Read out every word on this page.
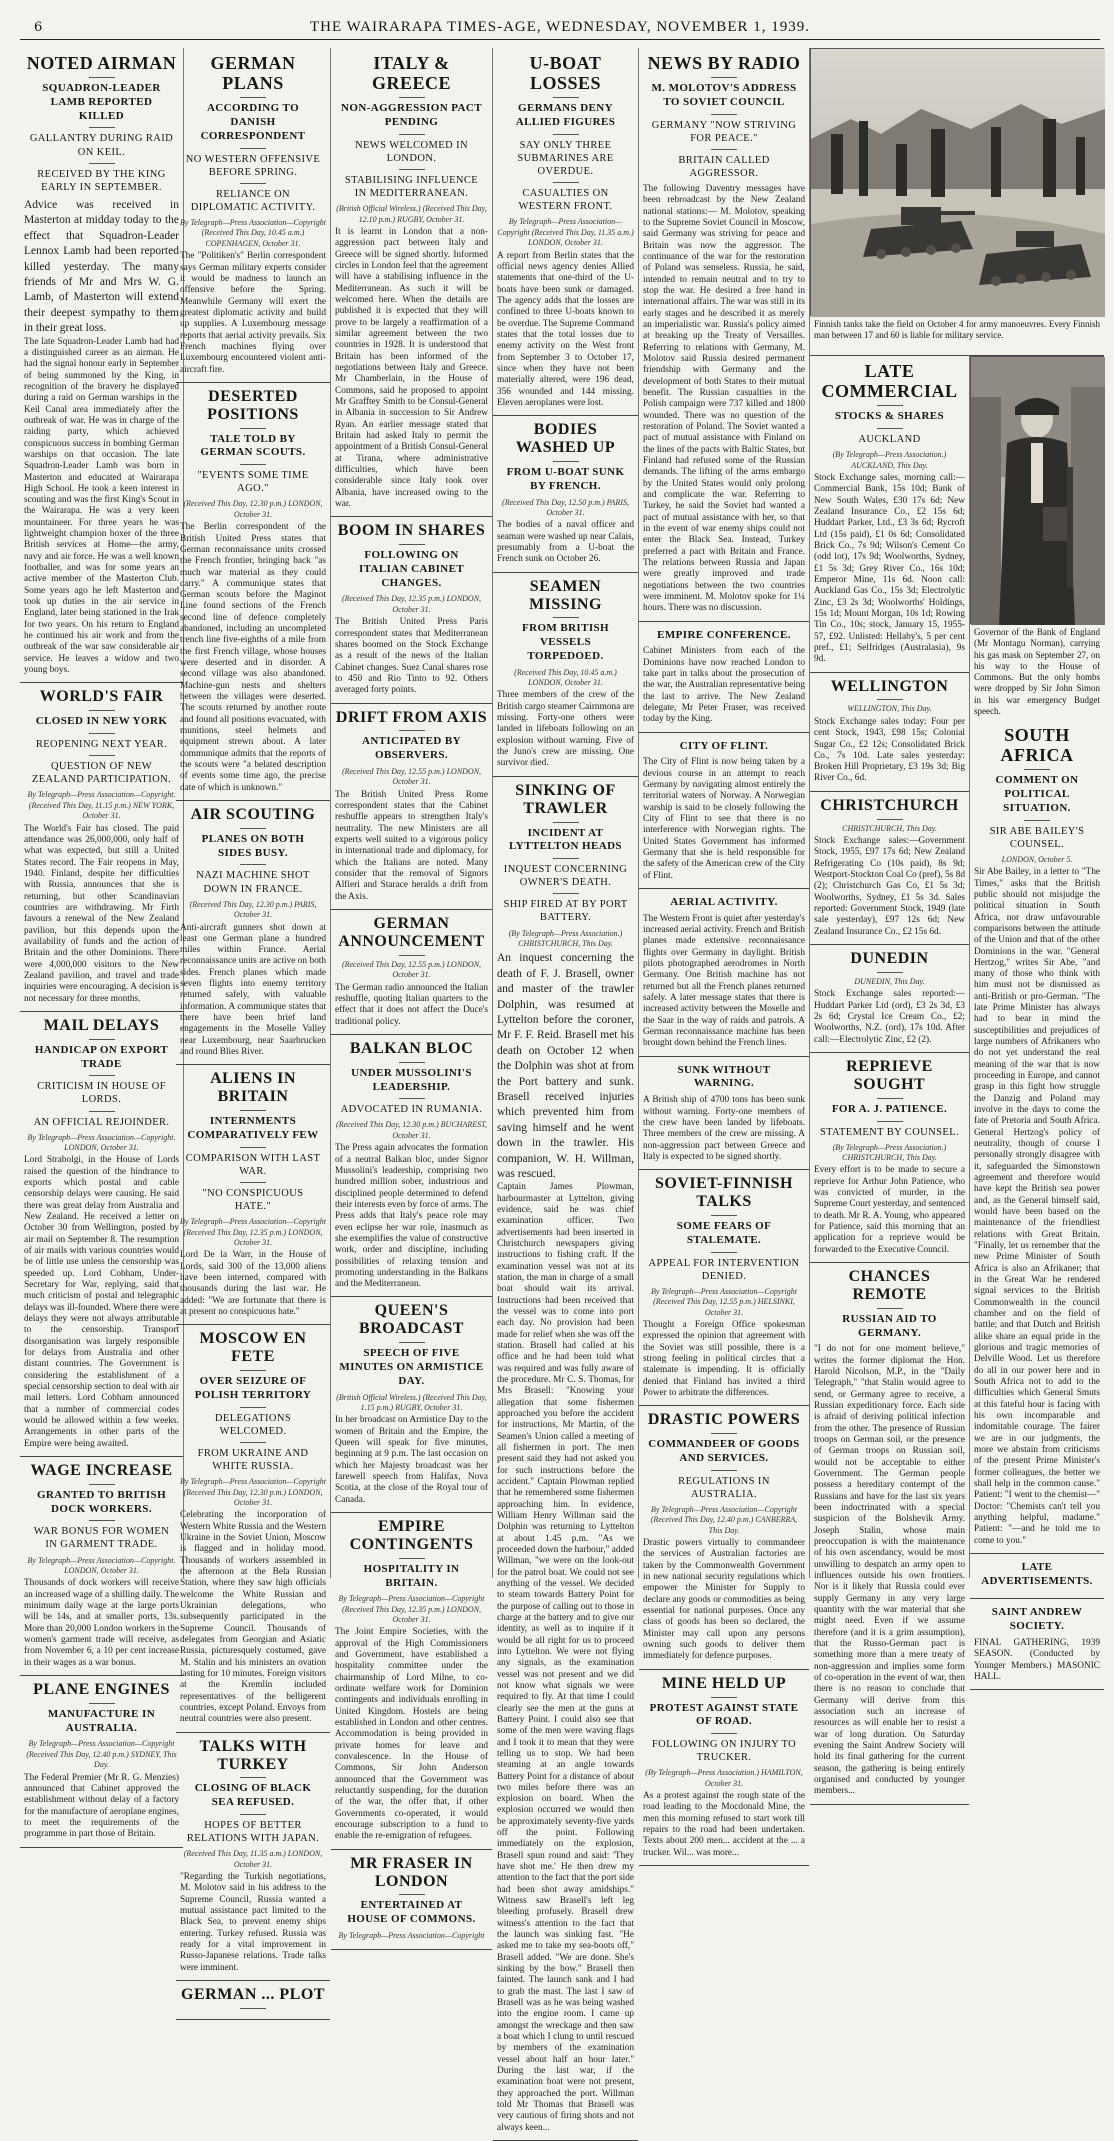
6	THE WAIRARAPA TIMES-AGE, WEDNESDAY, NOVEMBER 1, 1939.
NOTED AIRMAN
SQUADRON-LEADER LAMB REPORTED KILLED
GALLANTRY DURING RAID ON KEIL.
RECEIVED BY THE KING EARLY IN SEPTEMBER.
Advice was received in Masterton at midday today to the effect that Squadron-Leader Lennox Lamb had been reported killed yesterday. The many friends of Mr and Mrs W. G. Lamb, of Masterton will extend their deepest sympathy to them in their great loss.
The late Squadron-Leader Lamb had had a distinguished career as an airman. He had the signal honour early in September of being summoned by the King, in recognition of the bravery he displayed during a raid on German warships in the Keil Canal area immediately after the outbreak of war. He was in charge of the raiding party, which achieved conspicuous success in bombing German warships on that occasion. The late Squadron-Leader Lamb was born in Masterton and educated at Wairarapa High School. He took a keen interest in scouting and was the first King's Scout in the Wairarapa. He was a very keen mountaineer. For three years he was lightweight champion boxer of the three British services at Home—the army, navy and air force. He was a well known footballer, and was for some years an active member of the Masterton Club. Some years ago he left Masterton and took up duties in the air service in England, later being stationed in the Irak for two years. On his return to England he continued his air work and from the outbreak of the war saw considerable air service. He leaves a widow and two young boys.
WORLD'S FAIR
CLOSED IN NEW YORK
REOPENING NEXT YEAR.
QUESTION OF NEW ZEALAND PARTICIPATION.
By Telegraph—Press Association—Copyright. (Received This Day, 11.15 p.m.) NEW YORK, October 31.
The World's Fair has closed. The paid attendance was 26,000,000, only half of what was expected, but still a United States record. The Fair reopens in May, 1940. Finland, despite her difficulties with Russia, announces that she is returning, but other Scandinavian countries are withdrawing. Mr Firth favours a renewal of the New Zealand pavilion, but this depends upon the availability of funds and the action of Britain and the other Dominions. There were 4,000,000 visitors to the New Zealand pavilion, and travel and trade inquiries were encouraging. A decision is not necessary for three months.
MAIL DELAYS
HANDICAP ON EXPORT TRADE
CRITICISM IN HOUSE OF LORDS.
AN OFFICIAL REJOINDER.
By Telegraph—Press Association—Copyright. LONDON, October 31.
Lord Strabolgi, in the House of Lords raised the question of the hindrance to exports which postal and cable censorship delays were causing. He said there was great delay from Australia and New Zealand. He received a letter on October 30 from Wellington, posted by air mail on September 8. The resumption of air mails with various countries would be of little use unless the censorship was speeded up. Lord Cobham, Under-Secretary for War, replying, said that much criticism of postal and telegraphic delays was ill-founded. Where there were delays they were not always attributable to the censorship. Transport disorganisation was largely responsible for delays from Australia and other distant countries. The Government is considering the establishment of a special censorship section to deal with air mail letters. Lord Cobham announced that a number of commercial codes would be allowed within a few weeks. Arrangements in other parts of the Empire were being awaited.
WAGE INCREASE
GRANTED TO BRITISH DOCK WORKERS.
WAR BONUS FOR WOMEN IN GARMENT TRADE.
By Telegraph—Press Association—Copyright. LONDON, October 31.
Thousands of dock workers will receive an increased wage of a shilling daily. The minimum daily wage at the large ports will be 14s, and at smaller ports, 13s. More than 20,000 London workers in the women's garment trade will receive, as from November 6, a 10 per cent increase in their wages as a war bonus.
PLANE ENGINES
MANUFACTURE IN AUSTRALIA.
By Telegraph—Press Association—Copyright (Received This Day, 12.40 p.m.) SYDNEY, This Day.
The Federal Premier (Mr R. G. Menzies) announced that Cabinet approved the establishment without delay of a factory for the manufacture of aeroplane engines, to meet the requirements of the programme in part those of Britain.
GERMAN PLANS
ACCORDING TO DANISH CORRESPONDENT
NO WESTERN OFFENSIVE BEFORE SPRING.
RELIANCE ON DIPLOMATIC ACTIVITY.
By Telegraph—Press Association—Copyright (Received This Day, 10.45 a.m.) COPENHAGEN, October 31.
The "Politiken's" Berlin correspondent says German military experts consider it would be madness to launch an offensive before the Spring. Meanwhile Germany will exert the greatest diplomatic activity and build up supplies. A Luxembourg message reports that aerial activity prevails. Six French machines flying over Luxembourg encountered violent anti-aircraft fire.
DESERTED POSITIONS
TALE TOLD BY GERMAN SCOUTS.
"EVENTS SOME TIME AGO."
(Received This Day, 12.30 p.m.) LONDON, October 31.
The Berlin correspondent of the British United Press states that German reconnaissance units crossed the French frontier, bringing back "as much war material as they could carry." A communique states that German scouts before the Maginot Line found sections of the French second line of defence completely abandoned, including an uncompleted trench line five-eighths of a mile from the first French village, whose houses were deserted and in disorder. A second village was also abandoned. Machine-gun nests and shelters between the villages were deserted. The scouts returned by another route and found all positions evacuated, with munitions, steel helmets and equipment strewn about. A later communique admits that the reports of the scouts were "a belated description of events some time ago, the precise date of which is unknown."
AIR SCOUTING
PLANES ON BOTH SIDES BUSY.
NAZI MACHINE SHOT DOWN IN FRANCE.
(Received This Day, 12.30 p.m.) PARIS, October 31.
Anti-aircraft gunners shot down at least one German plane a hundred miles within France. Aerial reconnaissance units are active on both sides. French planes which made seven flights into enemy territory returned safely, with valuable information. A communique states that there have been brief land engagements in the Moselle Valley near Luxembourg, near Saarbrucken and round Blies River.
ALIENS IN BRITAIN
INTERNMENTS COMPARATIVELY FEW
COMPARISON WITH LAST WAR.
"NO CONSPICUOUS HATE."
By Telegraph—Press Association—Copyright (Received This Day, 12.35 p.m.) LONDON, October 31.
Lord De la Warr, in the House of Lords, said 300 of the 13,000 aliens have been interned, compared with thousands during the last war. He added: "We are fortunate that there is at present no conspicuous hate."
MOSCOW EN FETE
OVER SEIZURE OF POLISH TERRITORY
DELEGATIONS WELCOMED.
FROM UKRAINE AND WHITE RUSSIA.
By Telegraph—Press Association—Copyright (Received This Day, 12.30 p.m.) LONDON, October 31.
Celebrating the incorporation of Western White Russia and the Western Ukraine in the Soviet Union, Moscow is flagged and in holiday mood. Thousands of workers assembled in the afternoon at the Bela Russian Station, where they saw high officials welcome the White Russian and Ukrainian delegations, who subsequently participated in the Supreme Council. Thousands of delegates from Georgian and Asiatic Russia, picturesquely costumed, gave M. Stalin and his ministers an ovation lasting for 10 minutes. Foreign visitors at the Kremlin included representatives of the belligerent countries, except Poland. Envoys from neutral countries were also present.
TALKS WITH TURKEY
CLOSING OF BLACK SEA REFUSED.
HOPES OF BETTER RELATIONS WITH JAPAN.
(Received This Day, 11.35 a.m.) LONDON, October 31.
"Regarding the Turkish negotiations, M. Molotov said in his address to the Supreme Council, Russia wanted a mutual assistance pact limited to the Black Sea, to prevent enemy ships entering. Turkey refused. Russia was ready for a vital improvement in Russo-Japanese relations. Trade talks were imminent.
GERMAN ... PLOT
ITALY & GREECE
NON-AGGRESSION PACT PENDING
NEWS WELCOMED IN LONDON.
STABILISING INFLUENCE IN MEDITERRANEAN.
(British Official Wireless.) (Received This Day, 12.10 p.m.) RUGBY, October 31.
It is learnt in London that a non-aggression pact between Italy and Greece will be signed shortly. Informed circles in London feel that the agreement will have a stabilising influence in the Mediterranean. As such it will be welcomed here. When the details are published it is expected that they will prove to be largely a reaffirmation of a similar agreement between the two countries in 1928. It is understood that Britain has been informed of the negotiations between Italy and Greece. Mr Chamberlain, in the House of Commons, said he proposed to appoint Mr Grafftey Smith to be Consul-General in Albania in succession to Sir Andrew Ryan. An earlier message stated that Britain had asked Italy to permit the appointment of a British Consul-General at Tirana, where administrative difficulties, which have been considerable since Italy took over Albania, have increased owing to the war.
BOOM IN SHARES
FOLLOWING ON ITALIAN CABINET CHANGES.
(Received This Day, 12.35 p.m.) LONDON, October 31.
The British United Press Paris correspondent states that Mediterranean shares boomed on the Stock Exchange as a result of the news of the Italian Cabinet changes. Suez Canal shares rose to 450 and Rio Tinto to 92. Others averaged forty points.
DRIFT FROM AXIS
ANTICIPATED BY OBSERVERS.
(Received This Day, 12.55 p.m.) LONDON, October 31.
The British United Press Rome correspondent states that the Cabinet reshuffle appears to strengthen Italy's neutrality. The new Ministers are all experts well suited to a vigorous policy in international trade and diplomacy, for which the Italians are noted. Many consider that the removal of Signors Alfieri and Starace heralds a drift from the Axis.
GERMAN ANNOUNCEMENT
(Received This Day, 12.55 p.m.) LONDON, October 31.
The German radio announced the Italian reshuffle, quoting Italian quarters to the effect that it does not affect the Duce's traditional policy.
BALKAN BLOC
UNDER MUSSOLINI'S LEADERSHIP.
ADVOCATED IN RUMANIA.
(Received This Day, 12.30 p.m.) BUCHAREST, October 31.
The Press again advocates the formation of a neutral Balkan bloc, under Signor Mussolini's leadership, comprising two hundred million sober, industrious and disciplined people determined to defend their interests even by force of arms. The Press adds that Italy's peace role may even eclipse her war role, inasmuch as she exemplifies the value of constructive work, order and discipline, including possibilities of relaxing tension and promoting understanding in the Balkans and the Mediterranean.
QUEEN'S BROADCAST
SPEECH OF FIVE MINUTES ON ARMISTICE DAY.
(British Official Wireless.) (Received This Day, 1.15 p.m.) RUGBY, October 31.
In her broadcast on Armistice Day to the women of Britain and the Empire, the Queen will speak for five minutes, beginning at 9 p.m. The last occasion on which her Majesty broadcast was her farewell speech from Halifax, Nova Scotia, at the close of the Royal tour of Canada.
EMPIRE CONTINGENTS
HOSPITALITY IN BRITAIN.
By Telegraph—Press Association—Copyright (Received This Day, 12.35 p.m.) LONDON, October 31.
The Joint Empire Societies, with the approval of the High Commissioners and Government, have established a hospitality committee under the chairmanship of Lord Milne, to co-ordinate welfare work for Dominion contingents and individuals enrolling in United Kingdom. Hostels are being established in London and other centres. Accommodation is being provided in private homes for leave and convalescence. In the House of Commons, Sir John Anderson announced that the Government was reluctantly suspending, for the duration of the war, the offer that, if other Governments co-operated, it would encourage subscription to a fund to enable the re-emigration of refugees.
MR FRASER IN LONDON
ENTERTAINED AT HOUSE OF COMMONS.
By Telegraph—Press Association—Copyright
U-BOAT LOSSES
GERMANS DENY ALLIED FIGURES
SAY ONLY THREE SUBMARINES ARE OVERDUE.
CASUALTIES ON WESTERN FRONT.
By Telegraph—Press Association—Copyright (Received This Day, 11.35 a.m.) LONDON, October 31.
A report from Berlin states that the official news agency denies Allied statements that one-third of the U-boats have been sunk or damaged. The agency adds that the losses are confined to three U-boats known to be overdue. The Supreme Command states that the total losses due to enemy activity on the West front from September 3 to October 17, since when they have not been materially altered, were 196 dead, 356 wounded and 144 missing. Eleven aeroplanes were lost.
BODIES WASHED UP
FROM U-BOAT SUNK BY FRENCH.
(Received This Day, 12.50 p.m.) PARIS, October 31.
The bodies of a naval officer and seaman were washed up near Calais, presumably from a U-boat the French sunk on October 26.
SEAMEN MISSING
FROM BRITISH VESSELS TORPEDOED.
(Received This Day, 10.45 a.m.) LONDON, October 31.
Three members of the crew of the British cargo steamer Cairnmona are missing. Forty-one others were landed in lifeboats following on an explosion without warning. Five of the Juno's crew are missing. One survivor died.
SINKING OF TRAWLER
INCIDENT AT LYTTELTON HEADS
INQUEST CONCERNING OWNER'S DEATH.
SHIP FIRED AT BY PORT BATTERY.
(By Telegraph—Press Association.) CHRISTCHURCH, This Day.
An inquest concerning the death of F. J. Brasell, owner and master of the trawler Dolphin, was resumed at Lyttelton before the coroner, Mr F. F. Reid. Brasell met his death on October 12 when the Dolphin was shot at from the Port battery and sunk. Brasell received injuries which prevented him from saving himself and he went down in the trawler. His companion, W. H. Willman, was rescued.
Captain James Plowman, harbourmaster at Lyttelton, giving evidence, said he was chief examination officer. Two advertisements had been inserted in Christchurch newspapers giving instructions to fishing craft. If the examination vessel was not at its station, the man in charge of a small boat should wait its arrival. Instructions had been received that the vessel was to come into port each day. No provision had been made for relief when she was off the station. Brasell had called at his office and he had been told what was required and was fully aware of the procedure. Mr C. S. Thomas, for Mrs Brasell: "Knowing your allegation that some fishermen approached you before the accident for instructions, Mr Martin, of the Seamen's Union called a meeting of all fishermen in port. The men present said they had not asked you for such instructions before the accident." Captain Plowman replied that he remembered some fishermen approaching him. In evidence, William Henry Willman said the Dolphin was returning to Lyttelton at about 1.45 p.m. "As we proceeded down the harbour," added Willman, "we were on the look-out for the patrol boat. We could not see anything of the vessel. We decided to steam towards Battery Point for the purpose of calling out to those in charge at the battery and to give our identity, as well as to inquire if it would be all right for us to proceed into Lyttelton. We were not flying any signals, as the examination vessel was not present and we did not know what signals we were required to fly. At that time I could clearly see the men at the guns at Battery Point. I could also see that some of the men were waving flags and I took it to mean that they were telling us to stop. We had been steaming at an angle towards Battery Point for a distance of about two miles before there was an explosion on board. When the explosion occurred we would then be approximately seventy-five yards off the point. Following immediately on the explosion, Brasell spun round and said: 'They have shot me.' He then drew my attention to the fact that the port side had been shot away amidships." Witness saw Brasell's left leg bleeding profusely. Brasell drew witness's attention to the fact that the launch was sinking fast. "He asked me to take my sea-boots off," Brasell added. "We are done. She's sinking by the bow." Brasell then fainted. The launch sank and I had to grab the mast. The last I saw of Brasell was as he was being washed into the engine room. I came up amongst the wreckage and then saw a boat which I clung to until rescued by members of the examination vessel about half an hour later." During the last war, if the examination boat were not present, they approached the port. Willman told Mr Thomas that Brasell was very cautious of firing shots and not always keen...
NEWS BY RADIO
M. MOLOTOV'S ADDRESS TO SOVIET COUNCIL
GERMANY "NOW STRIVING FOR PEACE."
BRITAIN CALLED AGGRESSOR.
The following Daventry messages have been rebroadcast by the New Zealand national stations:— M. Molotov, speaking to the Supreme Soviet Council in Moscow, said Germany was striving for peace and Britain was now the aggressor. The continuance of the war for the restoration of Poland was senseless. Russia, he said, intended to remain neutral and to try to stop the war. He desired a free hand in international affairs. The war was still in its early stages and he described it as merely an imperialistic war. Russia's policy aimed at breaking up the Treaty of Versailles. Referring to relations with Germany, M. Molotov said Russia desired permanent friendship with Germany and the development of both States to their mutual benefit. The Russian casualties in the Polish campaign were 737 killed and 1800 wounded. There was no question of the restoration of Poland. The Soviet wanted a pact of mutual assistance with Finland on the lines of the pacts with Baltic States, but Finland had refused some of the Russian demands. The lifting of the arms embargo by the United States would only prolong and complicate the war. Referring to Turkey, he said the Soviet had wanted a pact of mutual assistance with her, so that in the event of war enemy ships could not enter the Black Sea. Instead, Turkey preferred a pact with Britain and France. The relations between Russia and Japan were greatly improved and trade negotiations between the two countries were imminent. M. Molotov spoke for 1¼ hours. There was no discussion.
EMPIRE CONFERENCE.
Cabinet Ministers from each of the Dominions have now reached London to take part in talks about the prosecution of the war, the Australian representative being the last to arrive. The New Zealand delegate, Mr Peter Fraser, was received today by the King.
CITY OF FLINT.
The City of Flint is now being taken by a devious course in an attempt to reach Germany by navigating almost entirely the territorial waters of Norway. A Norwegian warship is said to be closely following the City of Flint to see that there is no interference with Norwegian rights. The United States Government has informed Germany that she is held responsible for the safety of the American crew of the City of Flint.
AERIAL ACTIVITY.
The Western Front is quiet after yesterday's increased aerial activity. French and British planes made extensive reconnaissance flights over Germany in daylight. British pilots photographed aerodromes in North Germany. One British machine has not returned but all the French planes returned safely. A later message states that there is increased activity between the Moselle and the Saar in the way of raids and patrols. A German reconnaissance machine has been brought down behind the French lines.
SUNK WITHOUT WARNING.
A British ship of 4700 tons has been sunk without warning. Forty-one members of the crew have been landed by lifeboats. Three members of the crew are missing. A non-aggression pact between Greece and Italy is expected to be signed shortly.
SOVIET-FINNISH TALKS
SOME FEARS OF STALEMATE.
APPEAL FOR INTERVENTION DENIED.
By Telegraph—Press Association—Copyright (Received This Day, 12.55 p.m.) HELSINKI, October 31.
Thought a Foreign Office spokesman expressed the opinion that agreement with the Soviet was still possible, there is a strong feeling in political circles that a stalemate is impending. It is officially denied that Finland has invited a third Power to arbitrate the differences.
DRASTIC POWERS
COMMANDEER OF GOODS AND SERVICES.
REGULATIONS IN AUSTRALIA.
By Telegraph—Press Association—Copyright (Received This Day, 12.40 p.m.) CANBERRA, This Day.
Drastic powers virtually to commandeer the services of Australian factories are taken by the Commonwealth Government in new national security regulations which empower the Minister for Supply to declare any goods or commodities as being essential for national purposes. Once any class of goods has been so declared, the Minister may call upon any persons owning such goods to deliver them immediately for defence purposes.
MINE HELD UP
PROTEST AGAINST STATE OF ROAD.
FOLLOWING ON INJURY TO TRUCKER.
(By Telegraph—Press Association.) HAMILTON, October 31.
As a protest against the rough state of the road leading to the Mocdonald Mine, the men this morning refused to start work till repairs to the road had been undertaken. Texts about 200 men... accident at the ... a trucker. Wil... was more...
Finnish tanks take the field on October 4 for army manoeuvres. Every Finnish man between 17 and 60 is liable for military service.
LATE COMMERCIAL
STOCKS & SHARES
AUCKLAND
(By Telegraph—Press Association.) AUCKLAND, This Day.
Stock Exchange sales, morning call:—Commercial Bank, 15s 10d; Bank of New South Wales, £30 17s 6d; New Zealand Insurance Co., £2 15s 6d; Huddart Parker, Ltd., £3 3s 6d; Rycroft Ltd (15s paid), £1 0s 6d; Consolidated Brick Co., 7s 9d; Wilson's Cement Co (odd lot), 17s 9d; Woolworths, Sydney, £1 5s 3d; Grey River Co., 16s 10d; Emperor Mine, 11s 6d. Noon call: Auckland Gas Co., 15s 3d; Electrolytic Zinc, £3 2s 3d; Woolworths' Holdings, 15s 1d; Mount Morgan, 10s 1d; Rowing Tin Co., 10s; stock, January 15, 1955-57, £92. Unlisted: Hellaby's, 5 per cent pref., £1; Selfridges (Australasia), 9s 9d.
WELLINGTON
WELLINGTON, This Day.
Stock Exchange sales today: Four per cent Stock, 1943, £98 15s; Colonial Sugar Co., £2 12s; Consolidated Brick Co., 7s 10d. Late sales yesterday: Broken Hill Proprietary, £3 19s 3d; Big River Co., 6d.
CHRISTCHURCH
CHRISTCHURCH, This Day.
Stock Exchange sales:—Government Stock, 1955, £97 17s 6d; New Zealand Refrigerating Co (10s paid), 8s 9d; Westport-Stockton Coal Co (pref), 5s 8d (2); Christchurch Gas Co, £1 5s 3d; Woolworths, Sydney, £1 5s 3d. Sales reported: Government Stock, 1949 (late sale yesterday), £97 12s 6d; New Zealand Insurance Co., £2 15s 6d.
DUNEDIN
DUNEDIN, This Day.
Stock Exchange sales reported:—Huddart Parker Ltd (ord), £3 2s 3d, £3 2s 6d; Crystal Ice Cream Co., £2; Woolworths, N.Z. (ord), 17s 10d. After call:—Electrolytic Zinc, £2 (2).
REPRIEVE SOUGHT
FOR A. J. PATIENCE.
STATEMENT BY COUNSEL.
(By Telegraph—Press Association.) CHRISTCHURCH, This Day.
Every effort is to be made to secure a reprieve for Arthur John Patience, who was convicted of murder, in the Supreme Court yesterday, and sentenced to death. Mr R. A. Young, who appeared for Patience, said this morning that an application for a reprieve would be forwarded to the Executive Council.
CHANCES REMOTE
RUSSIAN AID TO GERMANY.
"I do not for one moment believe," writes the former diplomat the Hon. Harold Nicolson, M.P., in the "Daily Telegraph," "that Stalin would agree to send, or Germany agree to receive, a Russian expeditionary force. Each side is afraid of deriving political infection from the other. The presence of Russian troops on German soil, or the presence of German troops on Russian soil, would not be acceptable to either Government. The German people possess a hereditary contempt of the Russians and have for the last six years been indoctrinated with a special suspicion of the Bolshevik Army. Joseph Stalin, whose main preoccupation is with the maintenance of his own ascendancy, would be most unwilling to despatch an army open to influences outside his own frontiers. Nor is it likely that Russia could ever supply Germany in any very large quantity with the war material that she might need. Even if we assume therefore (and it is a grim assumption), that the Russo-German pact is something more than a mere treaty of non-aggression and implies some form of co-operation in the event of war, then there is no reason to conclude that Germany will derive from this association such an increase of resources as will enable her to resist a war of long duration. On Saturday evening the Saint Andrew Society will hold its final gathering for the current season, the gathering is being entirely organised and conducted by younger members...
Governor of the Bank of England (Mr Montagu Norman), carrying his gas mask on September 27, on his way to the House of Commons. But the only bombs were dropped by Sir John Simon in his war emergency Budget speech.
SOUTH AFRICA
COMMENT ON POLITICAL SITUATION.
SIR ABE BAILEY'S COUNSEL.
LONDON, October 5.
Sir Abe Bailey, in a letter to "The Times," asks that the British public should not misjudge the political situation in South Africa, nor draw unfavourable comparisons between the attitude of the Union and that of the other Dominions in the war. "General Hertzog," writes Sir Abe, "and many of those who think with him must not be dismissed as anti-British or pro-German. "The late Prime Minister has always had to bear in mind the susceptibilities and prejudices of large numbers of Afrikaners who do not yet understand the real meaning of the war that is now proceeding in Europe, and cannot grasp in this fight how struggle the Danzig and Poland may involve in the days to come the fate of Pretoria and South Africa. General Hertzog's policy of neutrality, though of course I personally strongly disagree with it, safeguarded the Simonstown agreement and therefore would have kept the British sea power and, as the General himself said, would have been based on the maintenance of the friendliest relations with Great Britain. "Finally, let us remember that the new Prime Minister of South Africa is also an Afrikaner; that in the Great War he rendered signal services to the British Commonwealth in the council chamber and on the field of battle; and that Dutch and British alike share an equal pride in the glorious and tragic memories of Delville Wood. Let us therefore do all in our power here and in South Africa not to add to the difficulties which General Smuts at this fateful hour is facing with his own incomparable and indomitable courage. The fairer we are in our judgments, the more we abstain from criticisms of the present Prime Minister's former colleagues, the better we shall help in the common cause." Patient: "I went to the chemist—" Doctor: "Chemists can't tell you anything helpful, madame." Patient: "—and he told me to come to you."
LATE ADVERTISEMENTS.
SAINT ANDREW SOCIETY.
FINAL GATHERING, 1939 SEASON. (Conducted by Younger Members.) MASONIC HALL.
